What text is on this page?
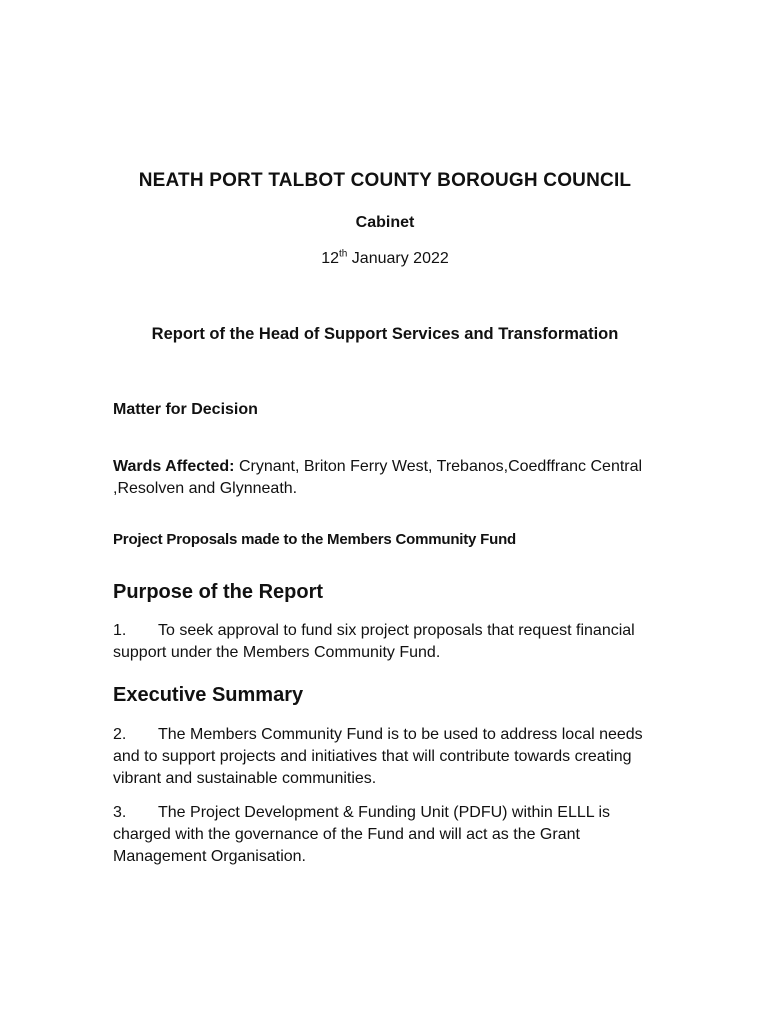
NEATH PORT TALBOT COUNTY BOROUGH COUNCIL
Cabinet
12th January 2022
Report of the Head of Support Services and Transformation
Matter for Decision
Wards Affected: Crynant, Briton Ferry West, Trebanos,Coedffranc Central ,Resolven and Glynneath.
Project Proposals made to the Members Community Fund
Purpose of the Report
1. To seek approval to fund six project proposals that request financial support under the Members Community Fund.
Executive Summary
2. The Members Community Fund is to be used to address local needs and to support projects and initiatives that will contribute towards creating vibrant and sustainable communities.
3. The Project Development & Funding Unit (PDFU) within ELLL is charged with the governance of the Fund and will act as the Grant Management Organisation.
